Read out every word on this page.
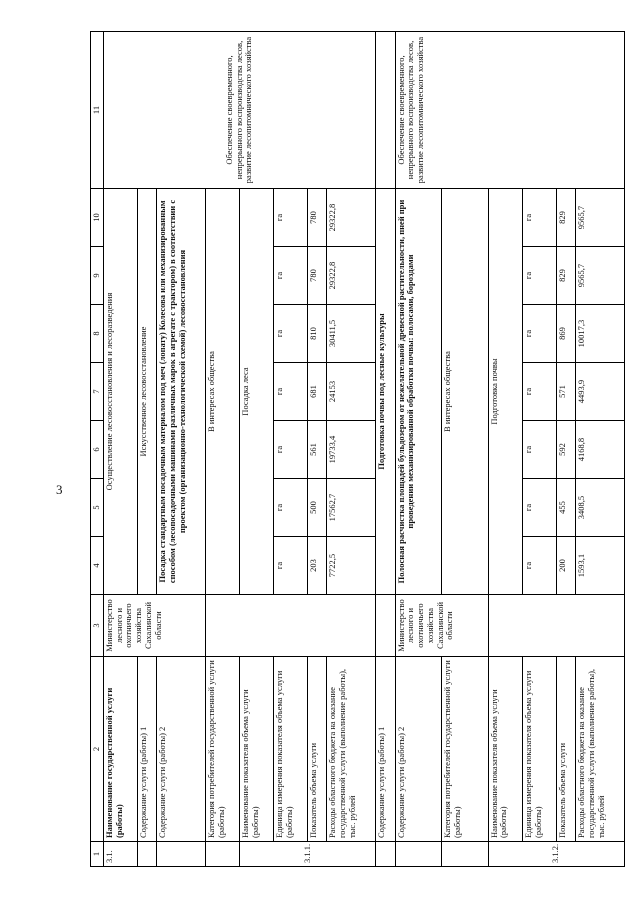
3
1	2	3	4	5	6	7	8	9	10	11
3.1.	Наименование государственной услуги (работы)	Министерство лесного и охотничьего хозяйства Сахалинской области	Осуществление лесовосстановления и лесоразведения							Обеспечение своевременного, непрерывного воспроизводства лесов, развитие лесопитомнического хозяйства
	Содержание услуги (работы) 1		Искусственное лесовосстановление							
	Содержание услуги (работы) 2		Посадка стандартным посадочным материалом под меч (лопату) Колесова или механизированным способом (лесопосадочными машинами различных марок в агрегате с трактором) в соответствии с проектом (организационно-технологической схемой) лесовосстановления							
	Категория потребителей государственной услуги (работы)		В интересах общества							
3.1.1.	Наименование показателя объема услуги (работы)		Посадка леса							
	Единица измерения показателя объема услуги (работы)		га	га	га	га	га	га	га	
	Показатель объема услуги		203	500	561	681	810	780	780	
	Расходы областного бюджета на оказание государственной услуги (выполнение работы), тыс. рублей		7722,5	17562,7	19733,4	24153	30411,5	29322,8	29322,8	
	Содержание услуги (работы) 1		Подготовка почвы под лесные культуры							
	Содержание услуги (работы) 2	Министерство лесного и охотничьего хозяйства Сахалинской области	Полосная расчистка площадей бульдозером от нежелательной древесной растительности, пней при проведении механизированной обработки почвы: полосами, бороздами							Обеспечение своевременного, непрерывного воспроизводства лесов, развитие лесопитомнического хозяйства
	Категория потребителей государственной услуги (работы)		В интересах общества							
3.1.2.	Наименование показателя объема услуги (работы)		Подготовка почвы							
	Единица измерения показателя объема услуги (работы)		га	га	га	га	га	га	га	
	Показатель объема услуги		200	455	592	571	869	829	829	
	Расходы областного бюджета на оказание государственной услуги (выполнение работы), тыс. рублей		1593,1	3408,5	4168,8	4493,9	10017,3	9565,7	9565,7	
